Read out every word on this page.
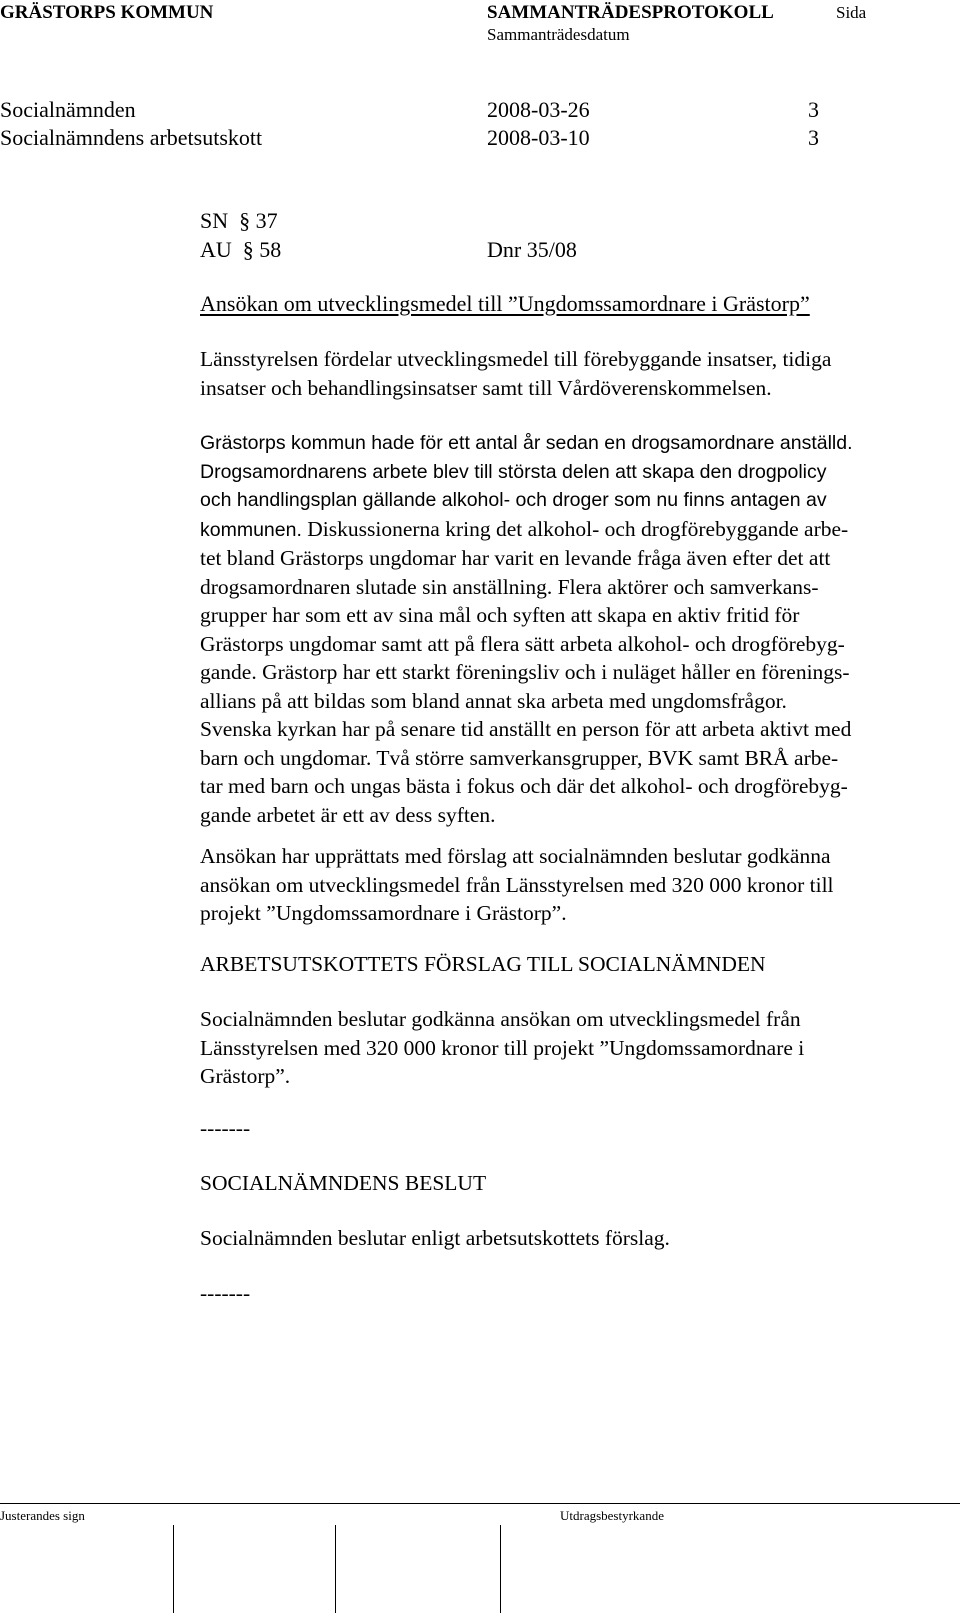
GRÄSTORPS KOMMUN	SAMMANTRÄDESPROTOKOLL	Sida
Sammanträdesdatum
Socialnämnden	2008-03-26	3
Socialnämndens arbetsutskott	2008-03-10	3
SN  § 37
AU  § 58	Dnr 35/08
Ansökan om utvecklingsmedel till ”Ungdomssamordnare i Grästorp”
Länsstyrelsen fördelar utvecklingsmedel till förebyggande insatser, tidiga
insatser och behandlingsinsatser samt till Vårdöverenskommelsen.
Grästorps kommun hade för ett antal år sedan en drogsamordnare anställd.
Drogsamordnarens arbete blev till största delen att skapa den drogpolicy
och handlingsplan gällande alkohol- och droger som nu finns antagen av
kommunen. Diskussionerna kring det alkohol- och drogförebyggande arbe-
tet bland Grästorps ungdomar har varit en levande fråga även efter det att
drogsamordnaren slutade sin anställning. Flera aktörer och samverkans-
grupper har som ett av sina mål och syften att skapa en aktiv fritid för
Grästorps ungdomar samt att på flera sätt arbeta alkohol- och drogförebyg-
gande. Grästorp har ett starkt föreningsliv och i nuläget håller en förenings-
allians på att bildas som bland annat ska arbeta med ungdomsfrågor.
Svenska kyrkan har på senare tid anställt en person för att arbeta aktivt med
barn och ungdomar. Två större samverkansgrupper, BVK samt BRÅ arbe-
tar med barn och ungas bästa i fokus och där det alkohol- och drogförebyg-
gande arbetet är ett av dess syften.
Ansökan har upprättats med förslag att socialnämnden beslutar godkänna
ansökan om utvecklingsmedel från Länsstyrelsen med 320 000 kronor till
projekt ”Ungdomssamordnare i Grästorp”.
ARBETSUTSKOTTETS FÖRSLAG TILL SOCIALNÄMNDEN
Socialnämnden beslutar godkänna ansökan om utvecklingsmedel från
Länsstyrelsen med 320 000 kronor till projekt ”Ungdomssamordnare i
Grästorp”.
-------
SOCIALNÄMNDENS BESLUT
Socialnämnden beslutar enligt arbetsutskottets förslag.
-------
Justerandes sign	Utdragsbestyrkande
